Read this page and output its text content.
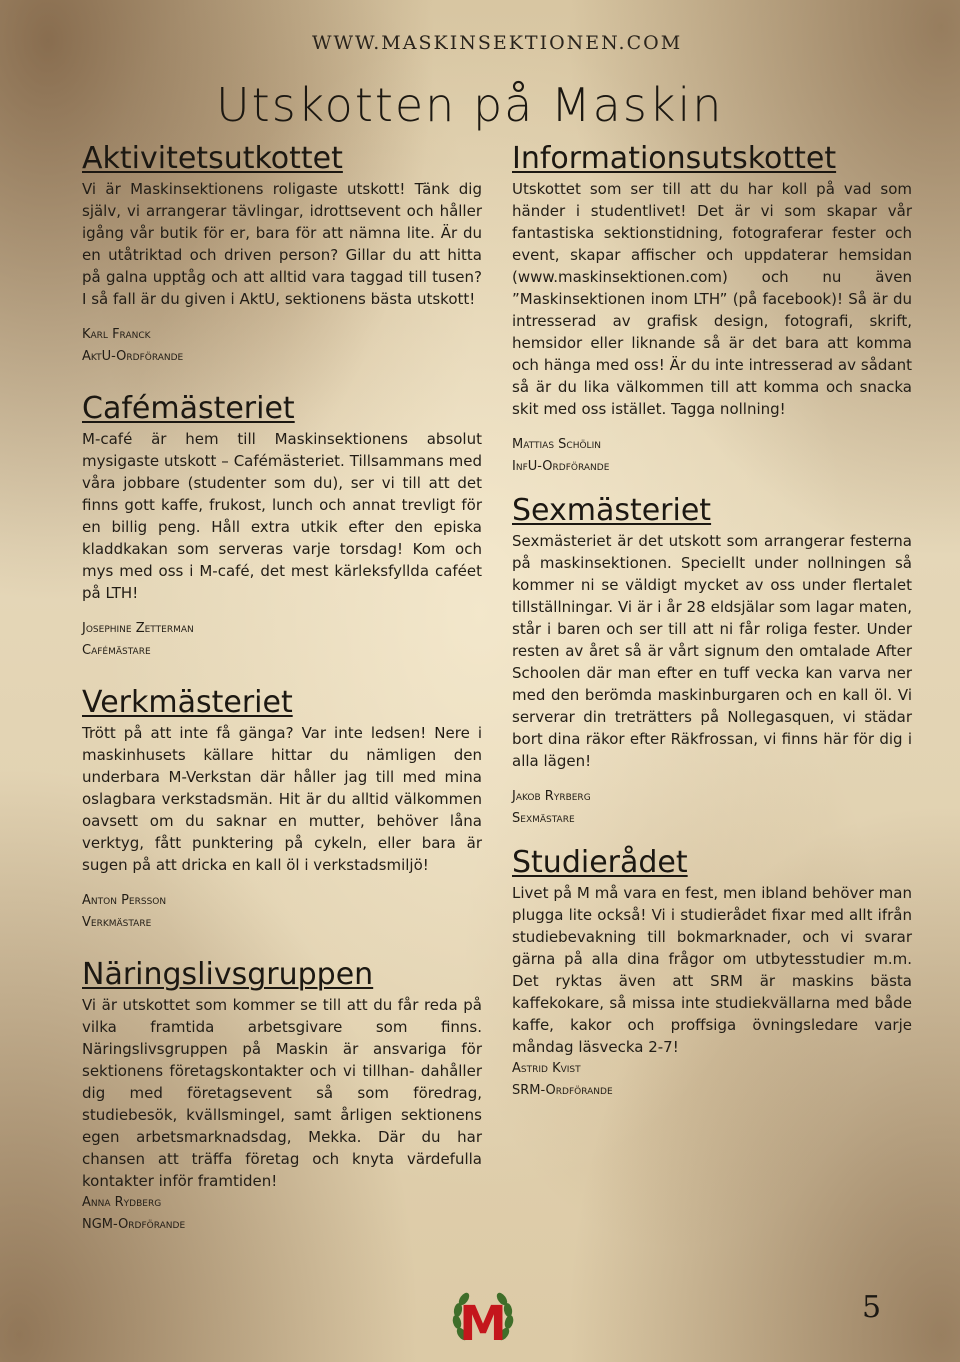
WWW.MASKINSEKTIONEN.COM
Utskotten på Maskin
Aktivitetsutkottet

Vi är Maskinsektionens roligaste utskott! Tänk dig själv, vi arrangerar tävlingar, idrottsevent och håller igång vår butik för er, bara för att nämna lite. Är du en utåtriktad och driven person? Gillar du att hitta på galna upptåg och att alltid vara taggad till tusen? I så fall är du given i AktU, sektionens bästa utskott!

Karl Franck
AktU-Ordförande
Cafémästeriet

M-café är hem till Maskinsektionens absolut mysigaste utskott – Cafémästeriet. Tillsammans med våra jobbare (studenter som du), ser vi till att det finns gott kaffe, frukost, lunch och annat trevligt för en billig peng. Håll extra utkik efter den episka kladdkakan som serveras varje torsdag! Kom och mys med oss i M-café, det mest kärleksfyllda caféet på LTH!

Josephine Zetterman
Cafémästare
Verkmästeriet

Trött på att inte få gänga? Var inte ledsen! Nere i maskinhusets källare hittar du nämligen den underbara M-Verkstan där håller jag till med mina oslagbara verkstadsmän. Hit är du alltid välkommen oavsett om du saknar en mutter, behöver låna verktyg, fått punktering på cykeln, eller bara är sugen på att dricka en kall öl i verkstadsmiljö!

Anton Persson
Verkmästare
Näringslivsgruppen

Vi är utskottet som kommer se till att du får reda på vilka framtida arbetsgivare som finns. Näringslivsgruppen på Maskin är ansvariga för sektionens företagskontakter och vi tillhan- dahåller dig med företagsevent så som föredrag, studiebesök, kvällsmingel, samt årligen sektionens egen arbetsmarknadsdag, Mekka. Där du har chansen att träffa företag och knyta värdefulla kontakter inför framtiden!

Anna Rydberg
NGM-Ordförande
Informationsutskottet

Utskottet som ser till att du har koll på vad som händer i studentlivet! Det är vi som skapar vår fantastiska sektionstidning, fotograferar fester och event, skapar affischer och uppdaterar hemsidan (www.maskinsektionen.com) och nu även ”Maskinsektionen inom LTH” (på facebook)! Så är du intresserad av grafisk design, fotografi, skrift, hemsidor eller liknande så är det bara att komma och hänga med oss! Är du inte intresserad av sådant så är du lika välkommen till att komma och snacka skit med oss istället. Tagga nollning!

Mattias Schölin
InfU-Ordförande
Sexmästeriet

Sexmästeriet är det utskott som arrangerar festerna på maskinsektionen. Speciellt under nollningen så kommer ni se väldigt mycket av oss under flertalet tillställningar. Vi är i år 28 eldsjälar som lagar maten, står i baren och ser till att ni får roliga fester. Under resten av året så är vårt signum den omtalade After Schoolen där man efter en tuff vecka kan varva ner med den berömda maskinburgaren och en kall öl. Vi serverar din treträtters på Nollegasquen, vi städar bort dina räkor efter Räkfrossan, vi finns här för dig i alla lägen!

Jakob Ryrberg
Sexmästare
Studierådet

Livet på M må vara en fest, men ibland behöver man plugga lite också! Vi i studierådet fixar med allt ifrån studiebevakning till bokmarknader, och vi svarar gärna på alla dina frågor om utbytesstudier m.m. Det ryktas även att SRM är maskins bästa kaffekokare, så missa inte studiekvällarna med både kaffe, kakor och proffsiga övningsledare varje måndag läsvecka 2-7!

Astrid Kvist
SRM-Ordförande
M	5
